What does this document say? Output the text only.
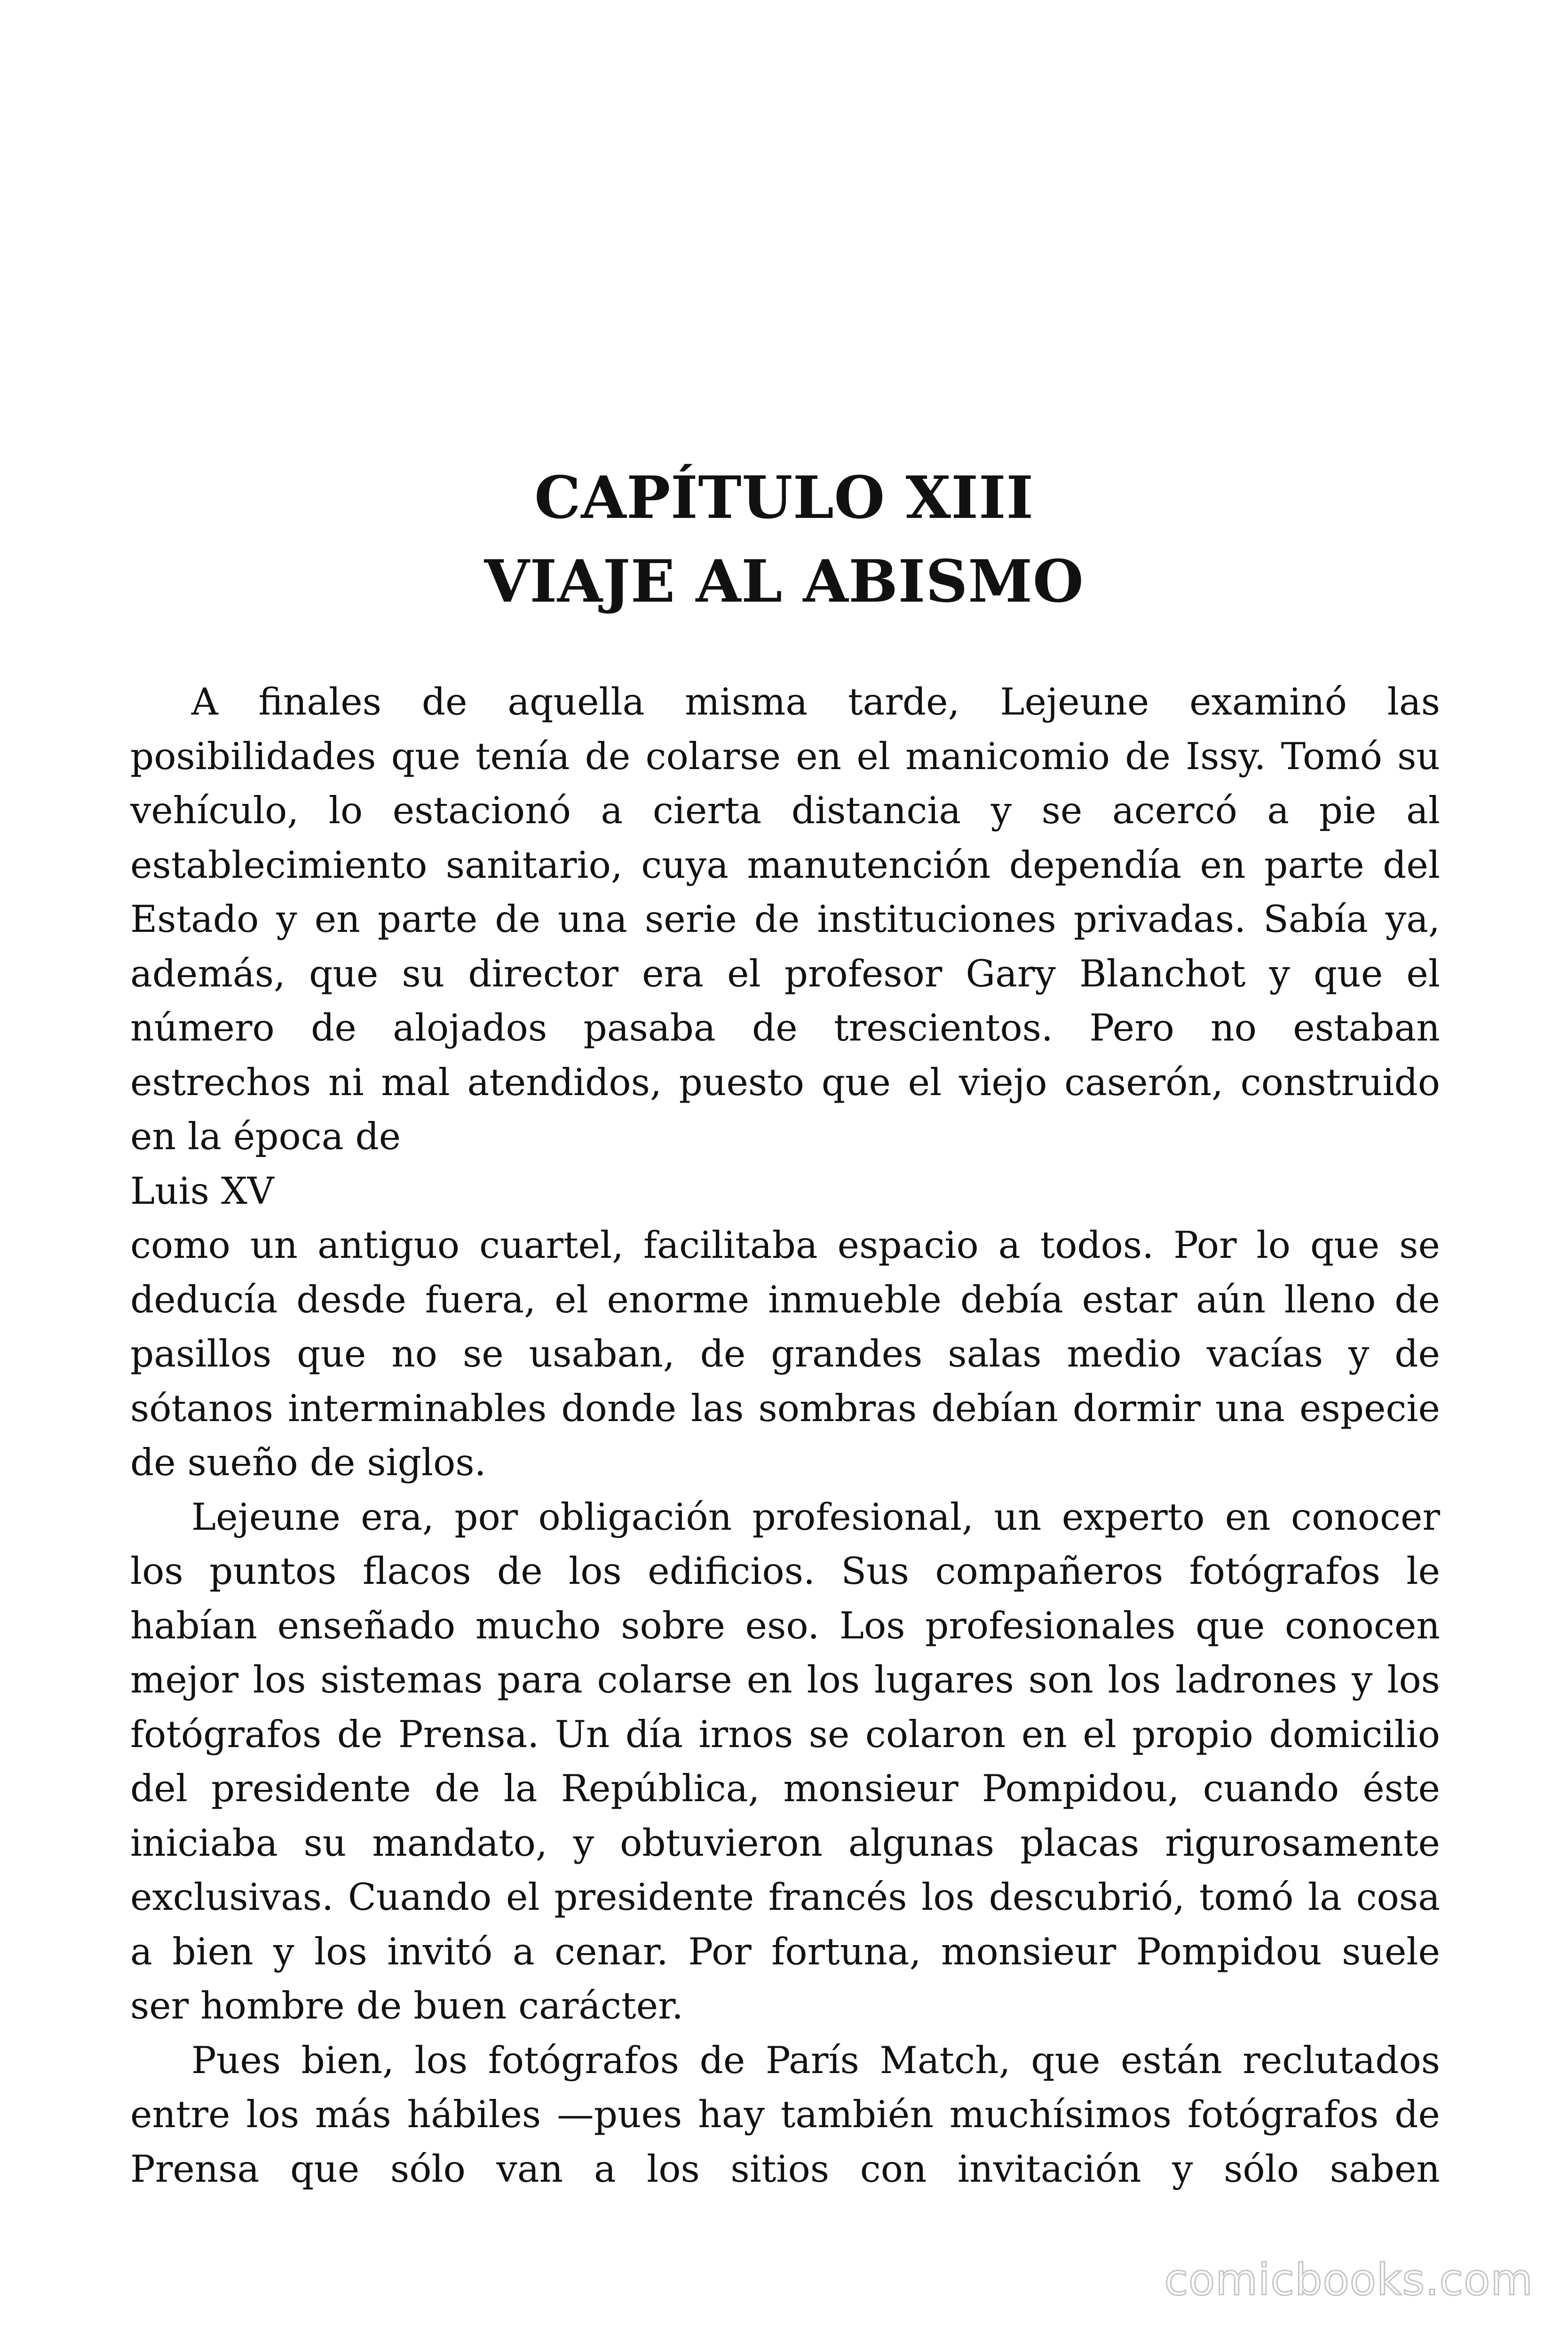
CAPÍTULO XIII
VIAJE AL ABISMO
A finales de aquella misma tarde, Lejeune examinó las
posibilidades que tenía de colarse en el manicomio de Issy. Tomó su
vehículo, lo estacionó a cierta distancia y se acercó a pie al
establecimiento sanitario, cuya manutención dependía en parte del
Estado y en parte de una serie de instituciones privadas. Sabía ya,
además, que su director era el profesor Gary Blanchot y que el
número de alojados pasaba de trescientos. Pero no estaban
estrechos ni mal atendidos, puesto que el viejo caserón, construido
en la época de
Luis XV
como un antiguo cuartel, facilitaba espacio a todos. Por lo que se
deducía desde fuera, el enorme inmueble debía estar aún lleno de
pasillos que no se usaban, de grandes salas medio vacías y de
sótanos interminables donde las sombras debían dormir una especie
de sueño de siglos.
Lejeune era, por obligación profesional, un experto en conocer
los puntos flacos de los edificios. Sus compañeros fotógrafos le
habían enseñado mucho sobre eso. Los profesionales que conocen
mejor los sistemas para colarse en los lugares son los ladrones y los
fotógrafos de Prensa. Un día irnos se colaron en el propio domicilio
del presidente de la República, monsieur Pompidou, cuando éste
iniciaba su mandato, y obtuvieron algunas placas rigurosamente
exclusivas. Cuando el presidente francés los descubrió, tomó la cosa
a bien y los invitó a cenar. Por fortuna, monsieur Pompidou suele
ser hombre de buen carácter.
Pues bien, los fotógrafos de París Match, que están reclutados
entre los más hábiles —pues hay también muchísimos fotógrafos de
Prensa que sólo van a los sitios con invitación y sólo saben
comicbooks.com
